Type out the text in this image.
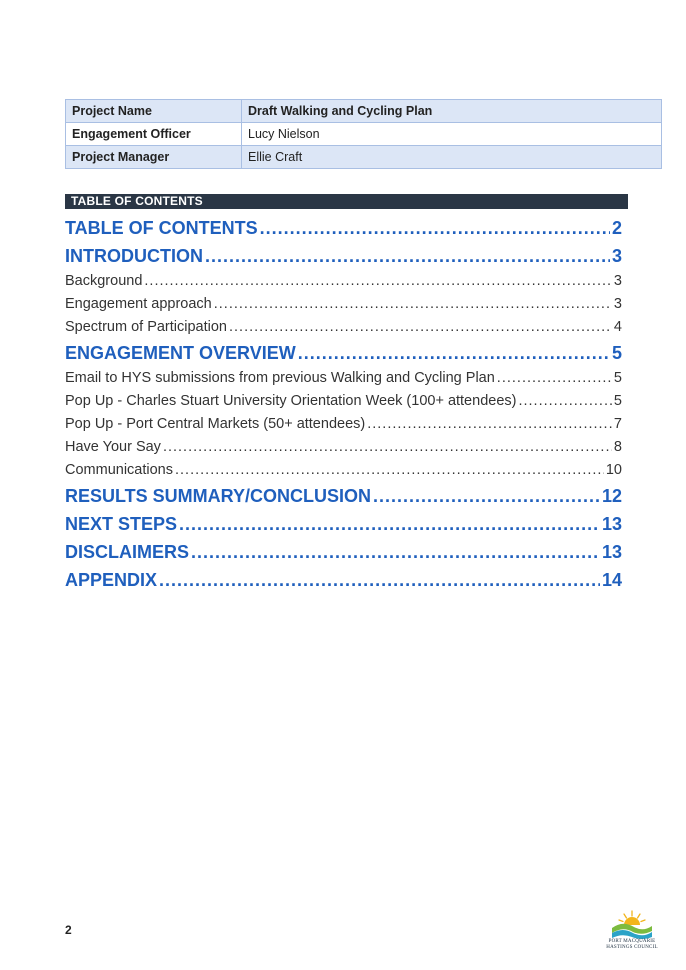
Project Name	Draft Walking and Cycling Plan
Engagement Officer	Lucy Nielson
Project Manager	Ellie Craft
TABLE OF CONTENTS
TABLE OF CONTENTS .....	2
INTRODUCTION .....	3
Background .....	3
Engagement approach .....	3
Spectrum of Participation .....	4
ENGAGEMENT OVERVIEW .....	5
Email to HYS submissions from previous Walking and Cycling Plan .....	5
Pop Up - Charles Stuart University Orientation Week (100+ attendees) .....	5
Pop Up - Port Central Markets (50+ attendees) .....	7
Have Your Say .....	8
Communications .....	10
RESULTS SUMMARY/CONCLUSION .....	12
NEXT STEPS .....	13
DISCLAIMERS .....	13
APPENDIX .....	14
2
PORT MACQUARIE
HASTINGS COUNCIL
